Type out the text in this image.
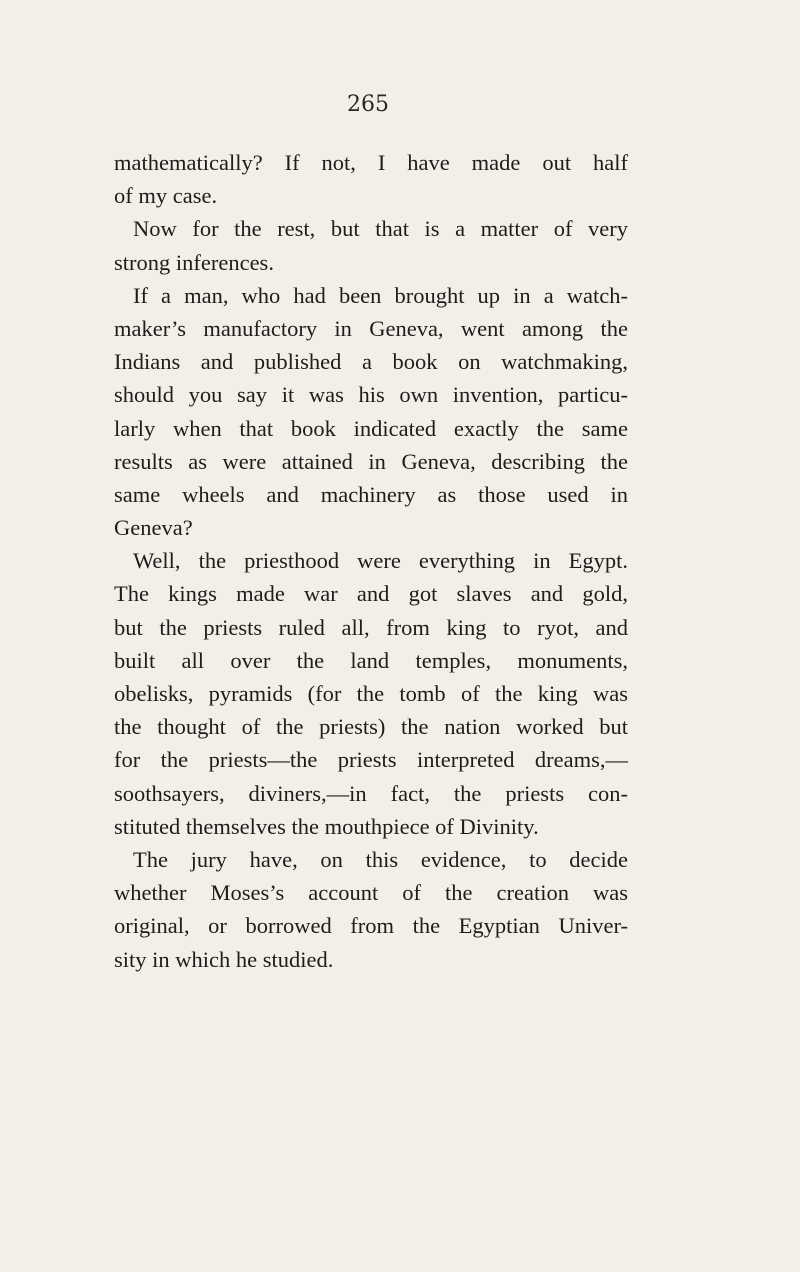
265
mathematically? If not, I have made out half
of my case.
Now for the rest, but that is a matter of very
strong inferences.
If a man, who had been brought up in a watch-
maker’s manufactory in Geneva, went among the
Indians and published a book on watchmaking,
should you say it was his own invention, particu-
larly when that book indicated exactly the same
results as were attained in Geneva, describing the
same wheels and machinery as those used in
Geneva?
Well, the priesthood were everything in Egypt.
The kings made war and got slaves and gold,
but the priests ruled all, from king to ryot, and
built all over the land temples, monuments,
obelisks, pyramids (for the tomb of the king was
the thought of the priests) the nation worked but
for the priests—the priests interpreted dreams,—
soothsayers, diviners,—in fact, the priests con-
stituted themselves the mouthpiece of Divinity.
The jury have, on this evidence, to decide
whether Moses’s account of the creation was
original, or borrowed from the Egyptian Univer-
sity in which he studied.
